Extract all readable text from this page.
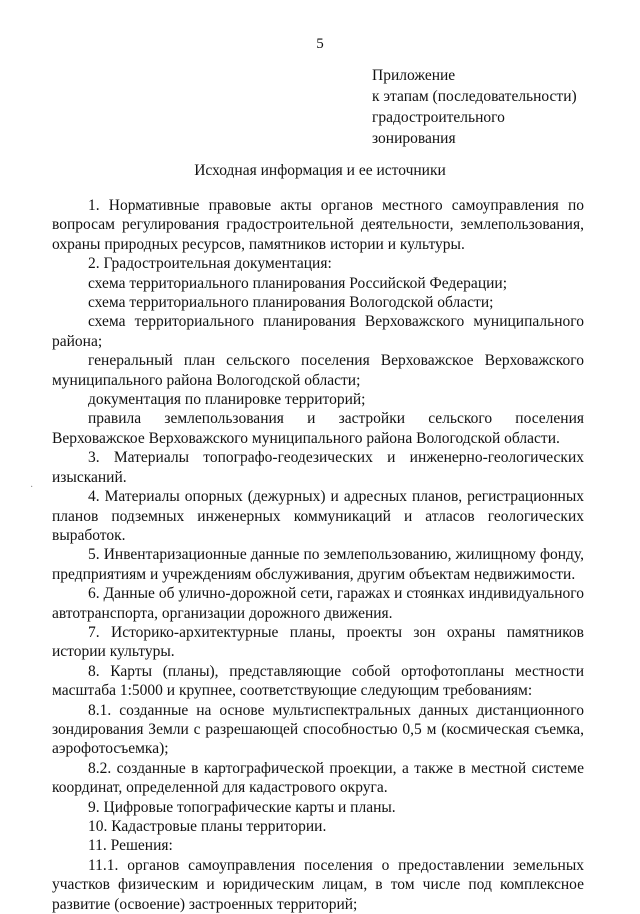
5
Приложение
к этапам (последовательности)
градостроительного
зонирования
Исходная информация и ее источники
·

1. Нормативные правовые акты органов местного самоуправления по вопросам регулирования градостроительной деятельности, землепользования, охраны природных ресурсов, памятников истории и культуры.

2. Градостроительная документация:

схема территориального планирования Российской Федерации;

схема территориального планирования Вологодской области;

схема территориального планирования Верховажского муниципального района;

генеральный план сельского поселения Верховажское Верховажского муниципального района Вологодской области;

документация по планировке территорий;

правила землепользования и застройки сельского поселения Верховажское Верховажского муниципального района Вологодской области.

3. Материалы топографо-геодезических и инженерно-геологических изысканий.

4. Материалы опорных (дежурных) и адресных планов, регистрационных планов подземных инженерных коммуникаций и атласов геологических выработок.

5. Инвентаризационные данные по землепользованию, жилищному фонду, предприятиям и учреждениям обслуживания, другим объектам недвижимости.

6. Данные об улично-дорожной сети, гаражах и стоянках индивидуального автотранспорта, организации дорожного движения.

7. Историко-архитектурные планы, проекты зон охраны памятников истории культуры.

8. Карты (планы), представляющие собой ортофотопланы местности масштаба 1:5000 и крупнее, соответствующие следующим требованиям:

8.1. созданные на основе мультиспектральных данных дистанционного зондирования Земли с разрешающей способностью 0,5 м (космическая съемка, аэрофотосъемка);

8.2. созданные в картографической проекции, а также в местной системе координат, определенной для кадастрового округа.

9. Цифровые топографические карты и планы.

10. Кадастровые планы территории.

11. Решения:

11.1. органов самоуправления поселения о предоставлении земельных участков физическим и юридическим лицам, в том числе под комплексное развитие (освоение) застроенных территорий;
